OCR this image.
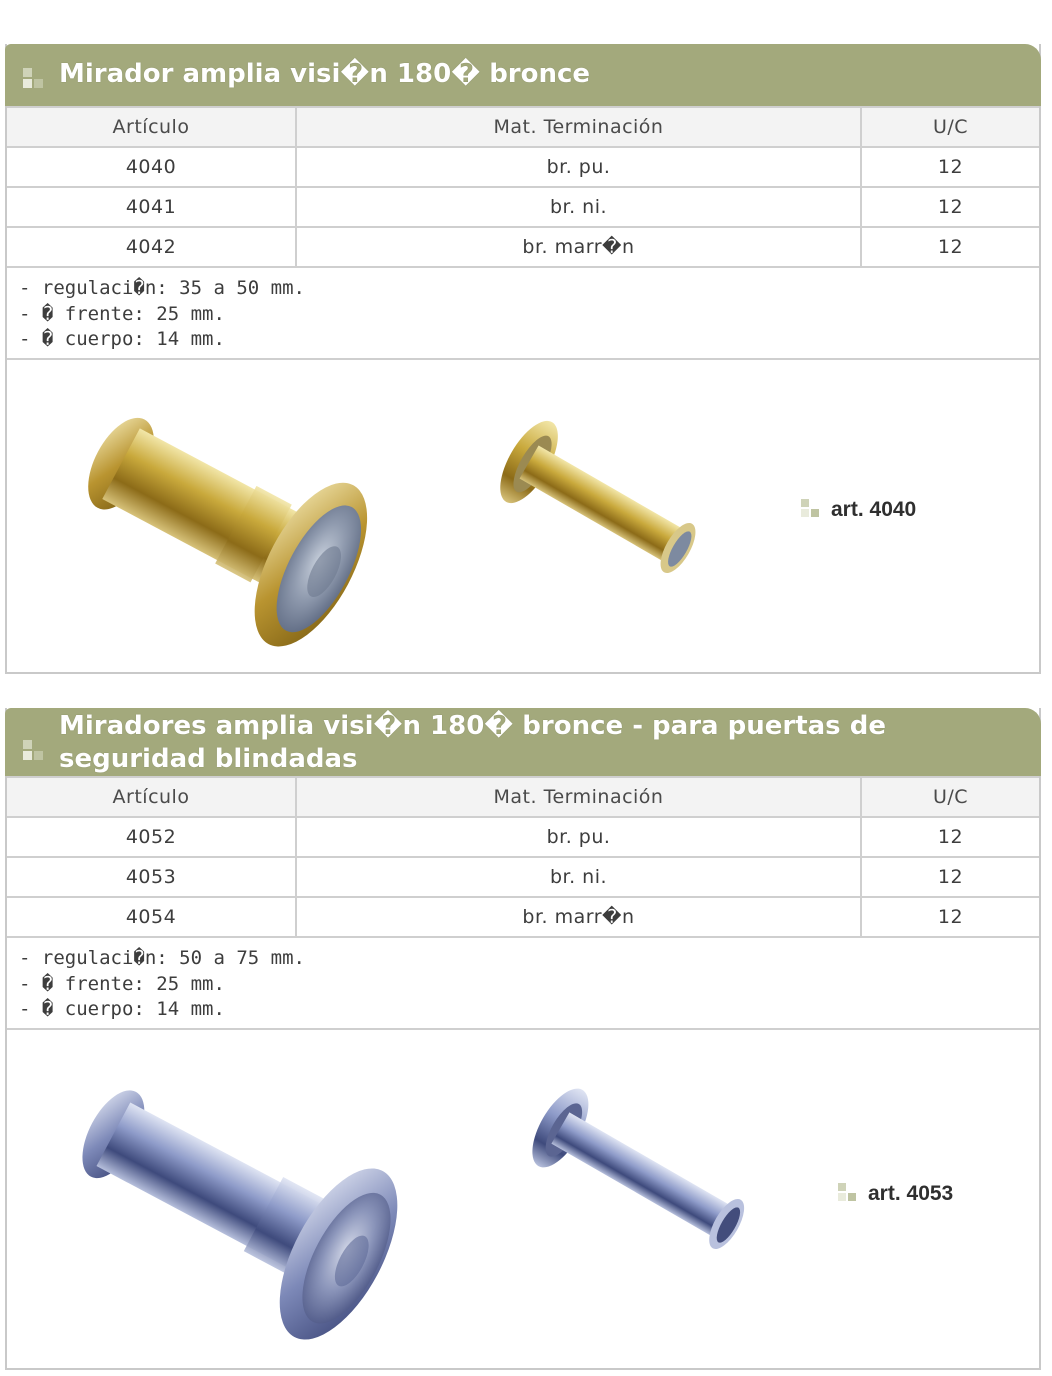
Mirador amplia visi�n 180� bronce
Artículo	Mat. Terminación	U/C
4040	br. pu.	12
4041	br. ni.	12
4042	br. marr�n	12
- regulaci�n: 35 a 50 mm.
- � frente: 25 mm.
- � cuerpo: 14 mm.
art. 4040
Miradores amplia visi�n 180� bronce - para puertas de seguridad blindadas
Artículo	Mat. Terminación	U/C
4052	br. pu.	12
4053	br. ni.	12
4054	br. marr�n	12
- regulaci�n: 50 a 75 mm.
- � frente: 25 mm.
- � cuerpo: 14 mm.
art. 4053
